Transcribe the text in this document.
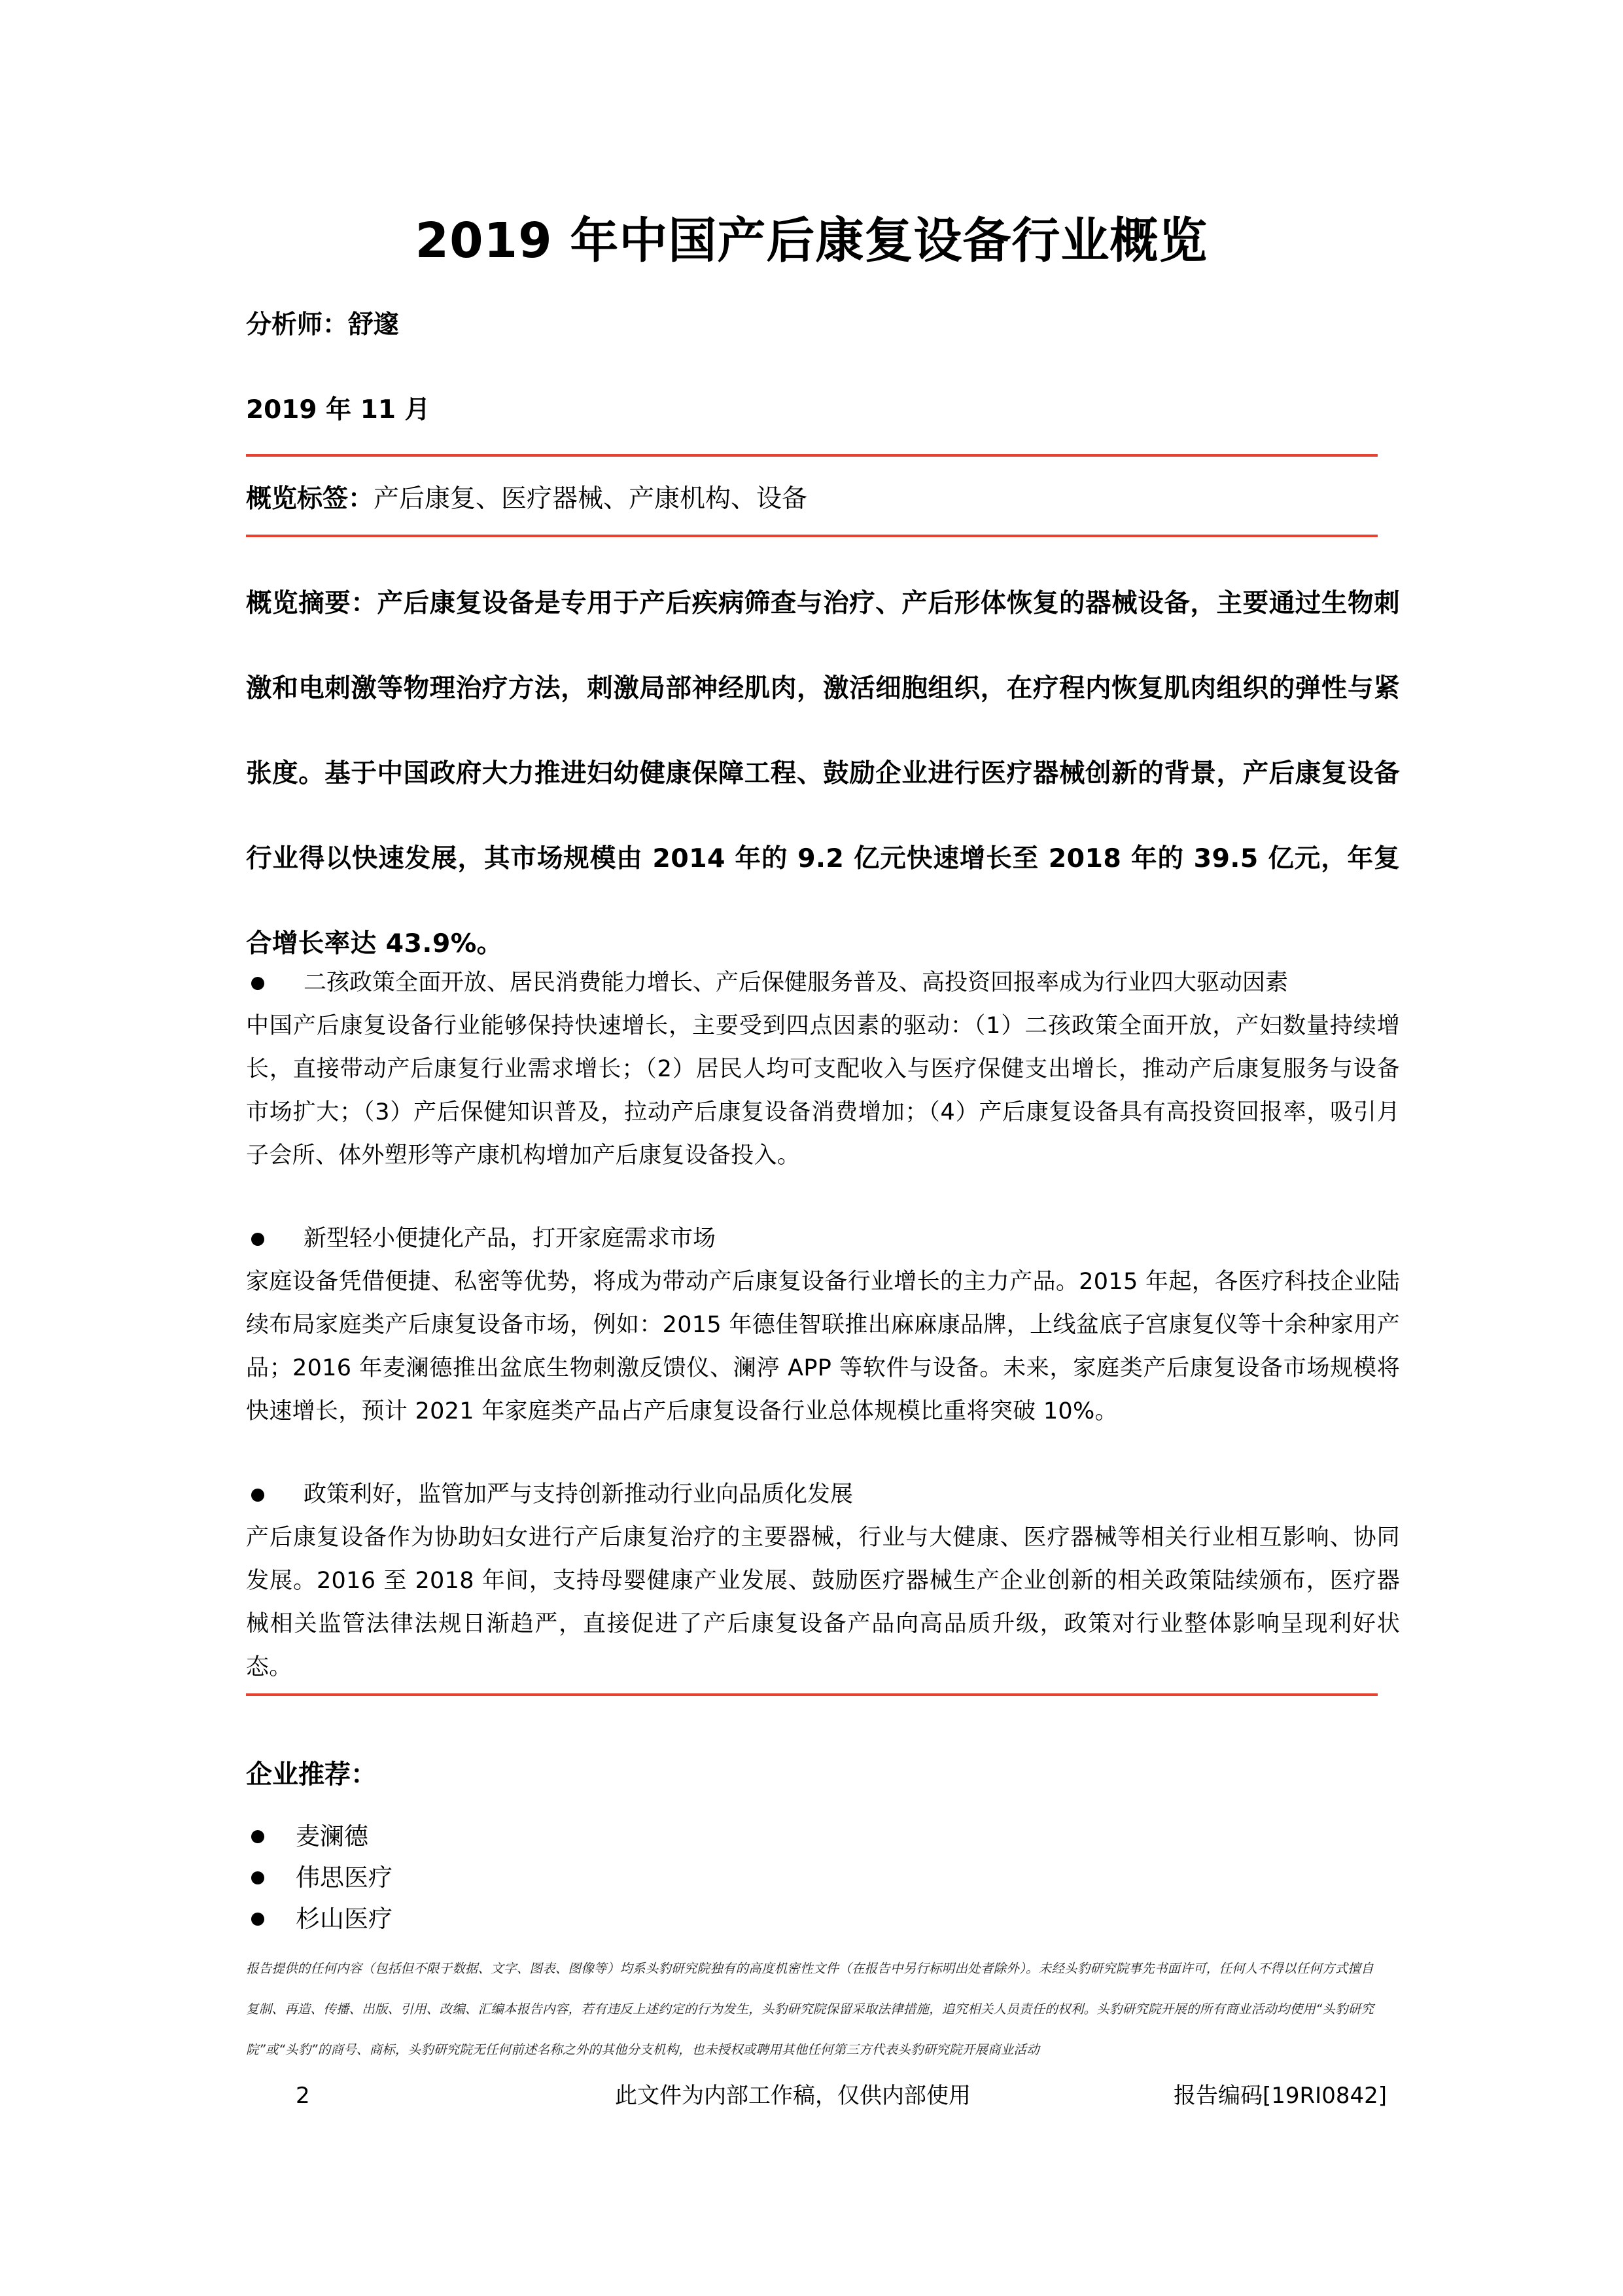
2019 年中国产后康复设备行业概览
分析师：舒邃
2019 年 11 月
概览标签：产后康复、医疗器械、产康机构、设备
概览摘要：产后康复设备是专用于产后疾病筛查与治疗、产后形体恢复的器械设备，主要通过生物刺激和电刺激等物理治疗方法，刺激局部神经肌肉，激活细胞组织，在疗程内恢复肌肉组织的弹性与紧张度。基于中国政府大力推进妇幼健康保障工程、鼓励企业进行医疗器械创新的背景，产后康复设备行业得以快速发展，其市场规模由 2014 年的 9.2 亿元快速增长至 2018 年的 39.5 亿元，年复合增长率达 43.9%。
二孩政策全面开放、居民消费能力增长、产后保健服务普及、高投资回报率成为行业四大驱动因素
中国产后康复设备行业能够保持快速增长，主要受到四点因素的驱动：（1）二孩政策全面开放，产妇数量持续增长，直接带动产后康复行业需求增长；（2）居民人均可支配收入与医疗保健支出增长，推动产后康复服务与设备市场扩大；（3）产后保健知识普及，拉动产后康复设备消费增加；（4）产后康复设备具有高投资回报率，吸引月子会所、体外塑形等产康机构增加产后康复设备投入。
新型轻小便捷化产品，打开家庭需求市场
家庭设备凭借便捷、私密等优势，将成为带动产后康复设备行业增长的主力产品。2015 年起，各医疗科技企业陆续布局家庭类产后康复设备市场，例如：2015 年德佳智联推出麻麻康品牌，上线盆底子宫康复仪等十余种家用产品；2016 年麦澜德推出盆底生物刺激反馈仪、澜渟 APP 等软件与设备。未来，家庭类产后康复设备市场规模将快速增长，预计 2021 年家庭类产品占产后康复设备行业总体规模比重将突破 10%。
政策利好，监管加严与支持创新推动行业向品质化发展
产后康复设备作为协助妇女进行产后康复治疗的主要器械，行业与大健康、医疗器械等相关行业相互影响、协同发展。2016 至 2018 年间，支持母婴健康产业发展、鼓励医疗器械生产企业创新的相关政策陆续颁布，医疗器械相关监管法律法规日渐趋严，直接促进了产后康复设备产品向高品质升级，政策对行业整体影响呈现利好状态。
企业推荐：
麦澜德
伟思医疗
杉山医疗
报告提供的任何内容（包括但不限于数据、文字、图表、图像等）均系头豹研究院独有的高度机密性文件（在报告中另行标明出处者除外）。未经头豹研究院事先书面许可，任何人不得以任何方式擅自复制、再造、传播、出版、引用、改编、汇编本报告内容，若有违反上述约定的行为发生，头豹研究院保留采取法律措施，追究相关人员责任的权利。头豹研究院开展的所有商业活动均使用“头豹研究院”或“头豹”的商号、商标，头豹研究院无任何前述名称之外的其他分支机构，也未授权或聘用其他任何第三方代表头豹研究院开展商业活动
2	此文件为内部工作稿，仅供内部使用	报告编码[19RI0842]
